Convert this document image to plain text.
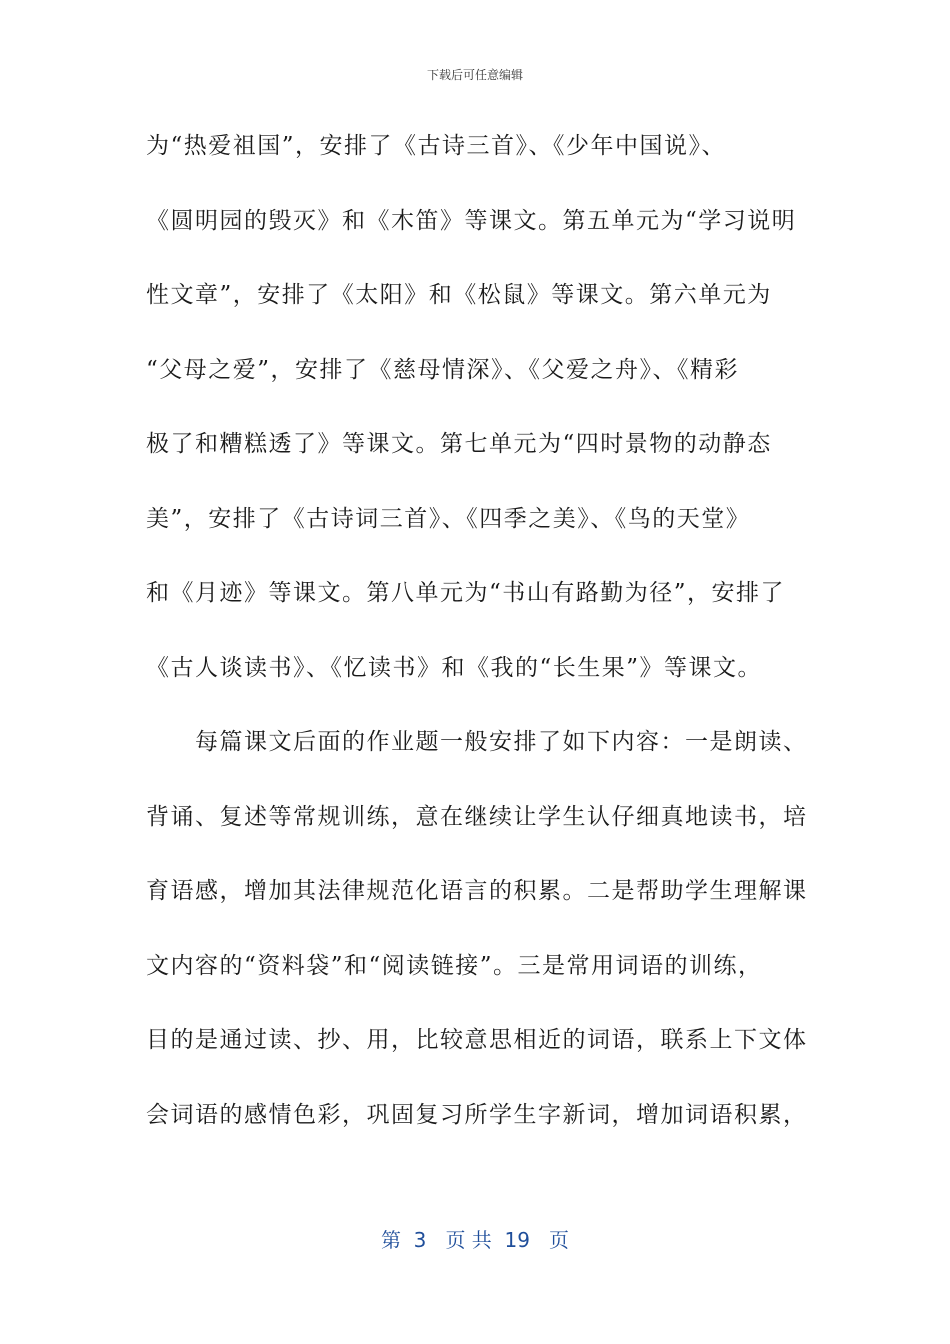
下载后可任意编辑
为“热爱祖国”，安排了《古诗三首》、《少年中国说》、
《圆明园的毁灭》和《木笛》等课文。第五单元为“学习说明
性文章”，安排了《太阳》和《松鼠》等课文。第六单元为
“父母之爱”，安排了《慈母情深》、《父爱之舟》、《精彩
极了和糟糕透了》等课文。第七单元为“四时景物的动静态
美”，安排了《古诗词三首》、《四季之美》、《鸟的天堂》
和《月迹》等课文。第八单元为“书山有路勤为径”，安排了
《古人谈读书》、《忆读书》和《我的“长生果”》等课文。
　　每篇课文后面的作业题一般安排了如下内容：一是朗读、
背诵、复述等常规训练，意在继续让学生认仔细真地读书，培
育语感，增加其法律规范化语言的积累。二是帮助学生理解课
文内容的“资料袋”和“阅读链接”。三是常用词语的训练，
目的是通过读、抄、用，比较意思相近的词语，联系上下文体
会词语的感情色彩，巩固复习所学生字新词，增加词语积累，
第  3   页 共  19   页
